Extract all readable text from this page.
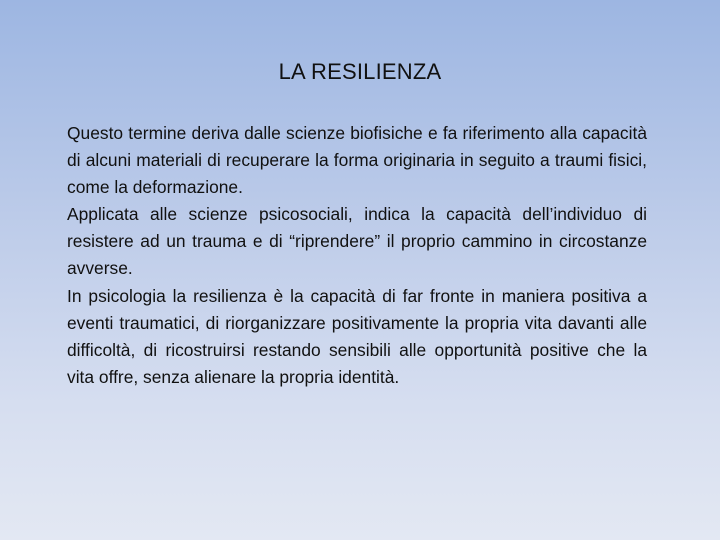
LA RESILIENZA

Questo termine deriva dalle scienze biofisiche e fa riferimento alla capacità di alcuni materiali di recuperare la forma originaria in seguito a traumi fisici, come la deformazione.

Applicata alle scienze psicosociali, indica la capacità dell’individuo di resistere ad un trauma e di “riprendere” il proprio cammino in circostanze avverse.

In psicologia la resilienza è la capacità di far fronte in maniera positiva a eventi traumatici, di riorganizzare positivamente la propria vita davanti alle difficoltà, di ricostruirsi restando sensibili alle opportunità positive che la vita offre, senza alienare la propria identità.
